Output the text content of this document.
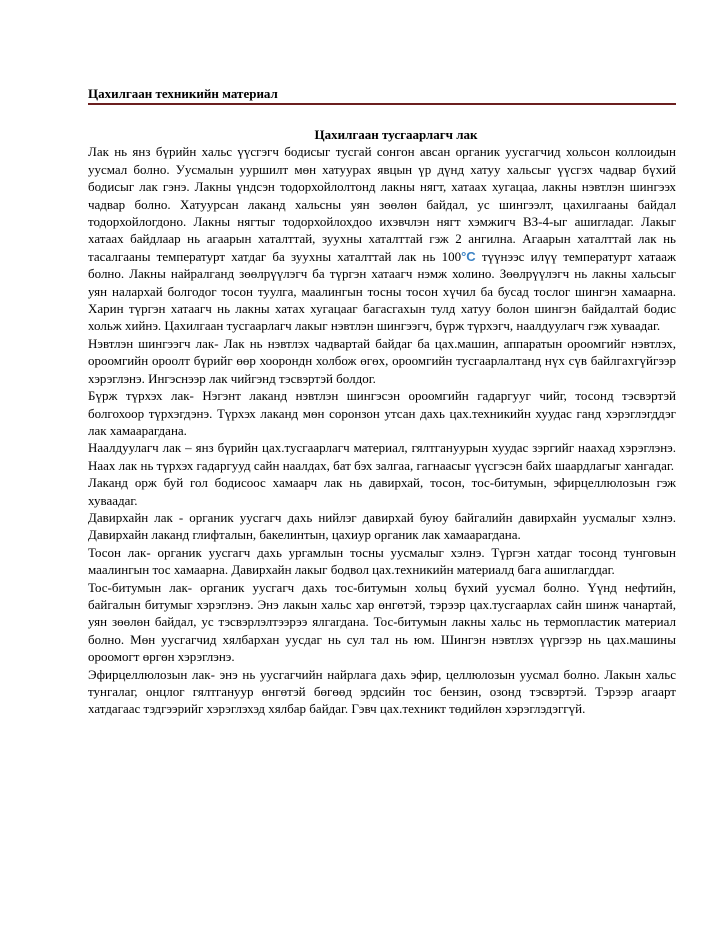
Цахилгаан техникийн материал

Цахилгаан тусгаарлагч лак

Лак нь янз бүрийн хальс үүсгэгч бодисыг тусгай сонгон авсан органик уусгагчид хольсон коллоидын уусмал болно. Уусмалын ууршилт мөн хатуурах явцын үр дүнд хатуу хальсыг үүсгэх чадвар бүхий бодисыг лак гэнэ. Лакны үндсэн тодорхойлолтонд лакны нягт, хатаах хугацаа, лакны нэвтлэн шингээх чадвар болно. Хатуурсан лаканд хальсны уян зөөлөн байдал, ус шингээлт, цахилгааны байдал тодорхойлогдоно. Лакны нягтыг тодорхойлохдоо ихэвчлэн нягт хэмжигч ВЗ-4-ыг ашигладаг. Лакыг хатаах байдлаар нь агаарын хаталттай, зуухны хаталттай гэж 2 ангилна. Агаарын хаталттай лак нь тасалгааны температурт хатдаг ба зуухны хаталттай лак нь 100°C түүнээс илүү температурт хатааж болно. Лакны найралганд зөөлрүүлэгч ба түргэн хатаагч нэмж холино. Зөөлрүүлэгч нь лакны хальсыг уян налархай болгодог тосон туулга, маалингын тосны тосон хүчил ба бусад тослог шингэн хамаарна. Харин түргэн хатаагч нь лакны хатах хугацааг багасгахын тулд хатуу болон шингэн байдалтай бодис хольж хийнэ. Цахилгаан тусгаарлагч лакыг нэвтлэн шингээгч, бүрж түрхэгч, наалдуулагч гэж хуваадаг.

Нэвтлэн шингээгч лак- Лак нь нэвтлэх чадвартай байдаг ба цах.машин, аппаратын ороомгийг нэвтлэх, ороомгийн ороолт бүрийг өөр хоорондн холбож өгөх, ороомгийн тусгаарлалтанд нүх сүв байлгахгүйгээр хэрэглэнэ. Ингэснээр лак чийгэнд тэсвэртэй болдог.

Бүрж түрхэх лак- Нэгэнт лаканд нэвтлэн шингэсэн ороомгийн гадаргууг чийг, тосонд тэсвэртэй болгохоор түрхэгдэнэ. Түрхэх лаканд мөн соронзон утсан дахь цах.техникийн хуудас ганд хэрэглэгддэг лак хамаарагдана.

Наалдуулагч лак – янз бүрийн цах.тусгаарлагч материал, гялтгануурын хуудас зэргийг наахад хэрэглэнэ. Наах лак нь түрхэх гадаргууд сайн наалдах, бат бэх залгаа, гагнаасыг үүсгэсэн байх шаардлагыг хангадаг.

Лаканд орж буй гол бодисоос хамаарч лак нь давирхай, тосон, тос-битумын, эфирцеллюлозын гэж хуваадаг.

Давирхайн лак - органик уусгагч дахь нийлэг давирхай буюу байгалийн давирхайн уусмалыг хэлнэ. Давирхайн лаканд глифталын, бакелинтын, цахиур органик лак хамаарагдана.

Тосон лак- органик уусгагч дахь ургамлын тосны уусмалыг хэлнэ. Түргэн хатдаг тосонд тунговын маалингын тос хамаарна. Давирхайн лакыг бодвол цах.техникийн материалд бага ашиглагддаг.

Тос-битумын лак- органик уусгагч дахь тос-битумын хольц бүхий уусмал болно. Үүнд нефтийн, байгалын битумыг хэрэглэнэ. Энэ лакын хальс хар өнгөтэй, тэрээр цах.тусгаарлах сайн шинж чанартай, уян зөөлөн байдал, ус тэсвэрлэлтээрээ ялгагдана. Тос-битумын лакны хальс нь термопластик материал болно. Мөн уусгагчид хялбархан уусдаг нь сул тал нь юм. Шингэн нэвтлэх үүргээр нь цах.машины ороомогт өргөн хэрэглэнэ.

Эфирцеллюлозын лак- энэ нь уусгагчийн найрлага дахь эфир, целлюлозын уусмал болно. Лакын хальс тунгалаг, онцлог гялтгануур өнгөтэй бөгөөд эрдсийн тос бензин, озонд тэсвэртэй. Тэрээр агаарт хатдагаас тэдгээрийг хэрэглэхэд хялбар байдаг. Гэвч цах.техникт төдийлөн хэрэглэдэггүй.
